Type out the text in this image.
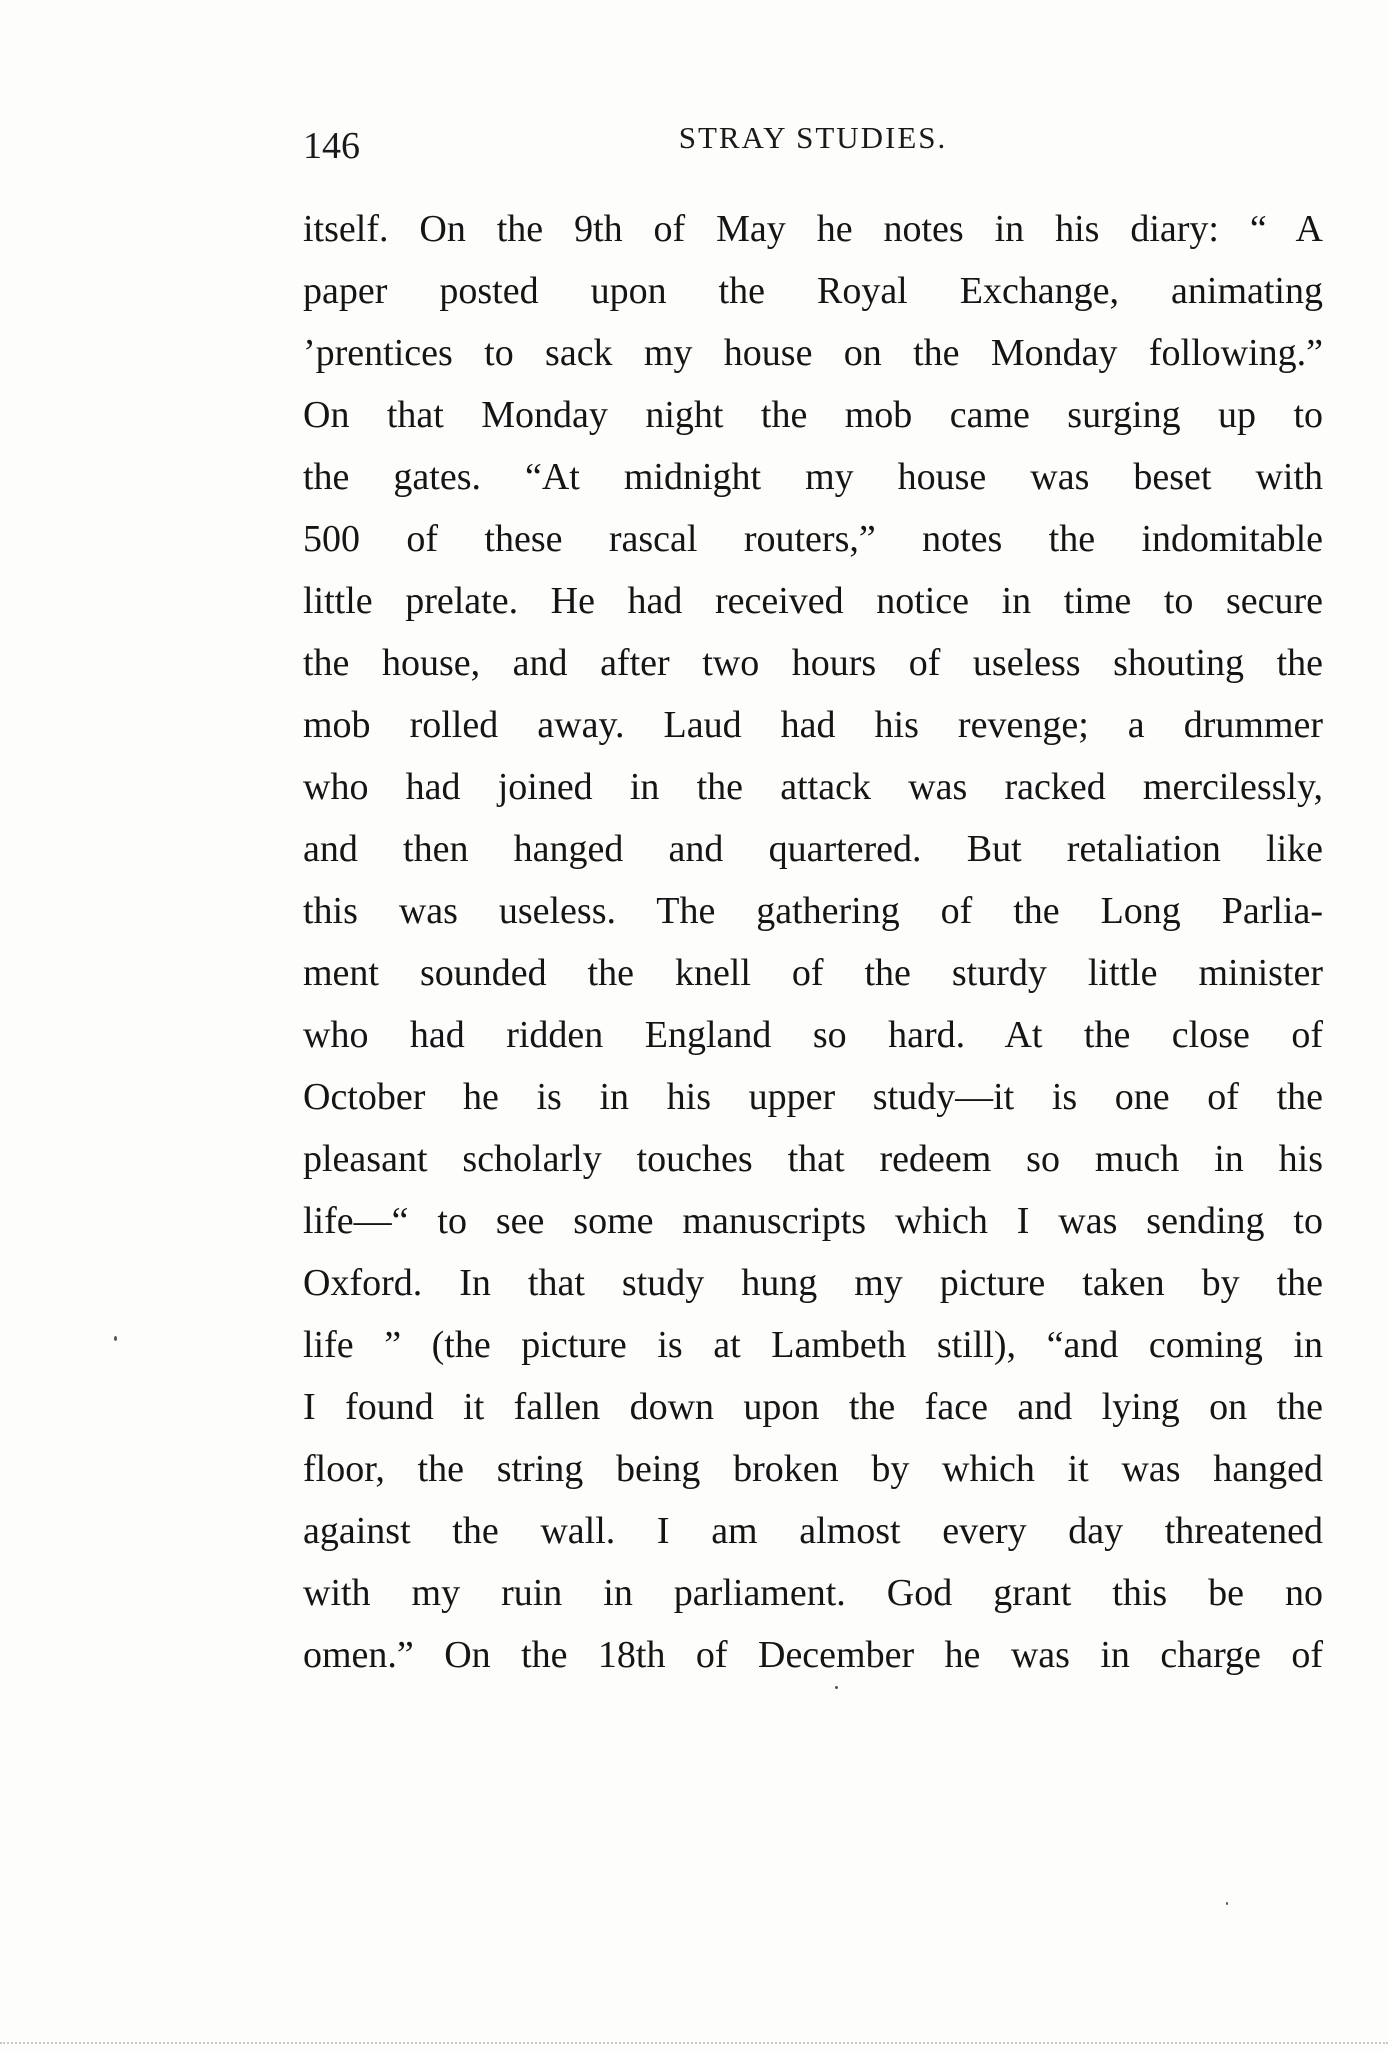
146	STRAY STUDIES.
itself. On the 9th of May he notes in his diary: “ A
paper posted upon the Royal Exchange, animating
’prentices to sack my house on the Monday following.”
On that Monday night the mob came surging up to
the gates. “At midnight my house was beset with
500 of these rascal routers,” notes the indomitable
little prelate. He had received notice in time to secure
the house, and after two hours of useless shouting the
mob rolled away. Laud had his revenge; a drummer
who had joined in the attack was racked mercilessly,
and then hanged and quartered. But retaliation like
this was useless. The gathering of the Long Parlia-
ment sounded the knell of the sturdy little minister
who had ridden England so hard. At the close of
October he is in his upper study—it is one of the
pleasant scholarly touches that redeem so much in his
life—“ to see some manuscripts which I was sending to
Oxford. In that study hung my picture taken by the
life ” (the picture is at Lambeth still), “and coming in
I found it fallen down upon the face and lying on the
floor, the string being broken by which it was hanged
against the wall. I am almost every day threatened
with my ruin in parliament. God grant this be no
omen.” On the 18th of December he was in charge of
